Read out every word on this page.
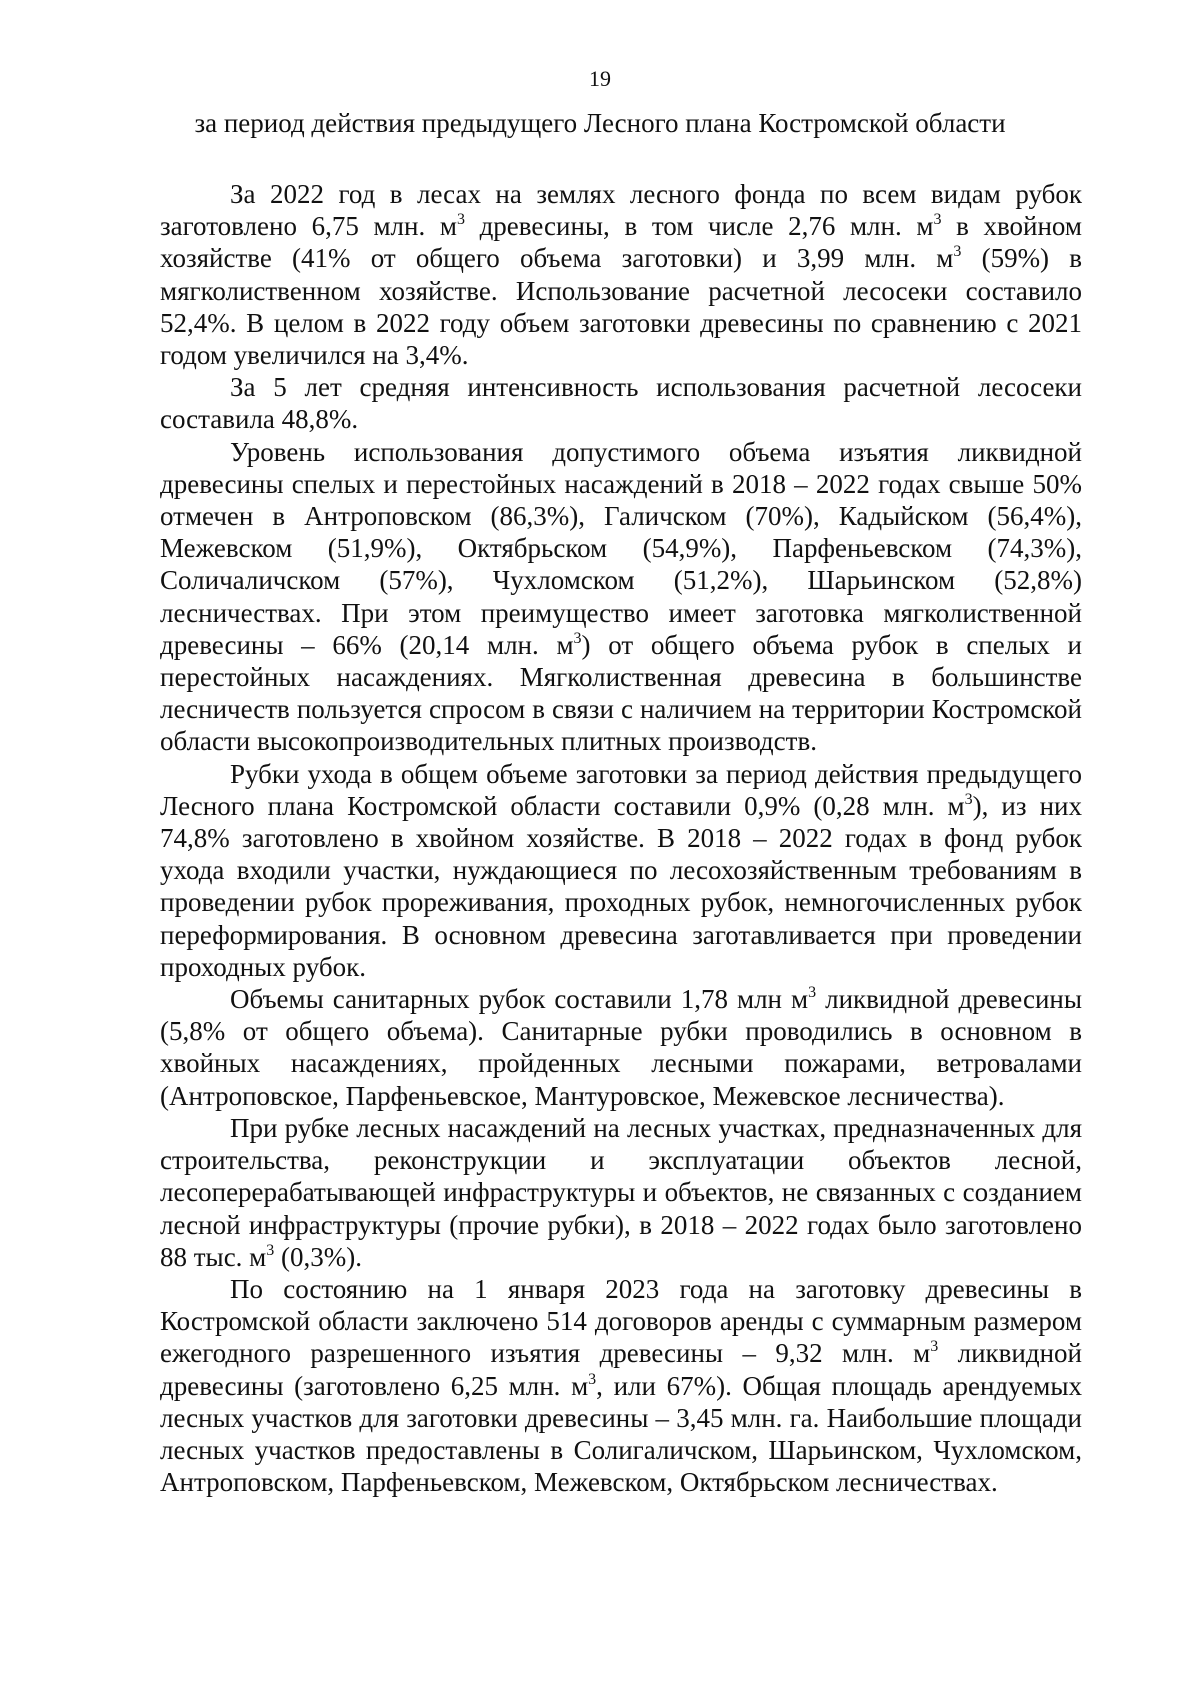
19
за период действия предыдущего Лесного плана Костромской области

За 2022 год в лесах на землях лесного фонда по всем видам рубок заготовлено 6,75 млн. $м^3$ древесины, в том числе 2,76 млн. $м^3$ в хвойном хозяйстве (41% от общего объема заготовки) и 3,99 млн. $м^3$ (59%) в мягколиственном хозяйстве. Использование расчетной лесосеки составило 52,4%. В целом в 2022 году объем заготовки древесины по сравнению с 2021 годом увеличился на 3,4%.

За 5 лет средняя интенсивность использования расчетной лесосеки составила 48,8%.

Уровень использования допустимого объема изъятия ликвидной древесины спелых и перестойных насаждений в 2018 – 2022 годах свыше 50% отмечен в Антроповском (86,3%), Галичском (70%), Кадыйском (56,4%), Межевском (51,9%), Октябрьском (54,9%), Парфеньевском (74,3%), Соличаличском (57%), Чухломском (51,2%), Шарьинском (52,8%) лесничествах. При этом преимущество имеет заготовка мягколиственной древесины – 66% (20,14 млн. $м^3$) от общего объема рубок в спелых и перестойных насаждениях. Мягколиственная древесина в большинстве лесничеств пользуется спросом в связи с наличием на территории Костромской области высокопроизводительных плитных производств.

Рубки ухода в общем объеме заготовки за период действия предыдущего Лесного плана Костромской области составили 0,9% (0,28 млн. $м^3$), из них 74,8% заготовлено в хвойном хозяйстве. В 2018 – 2022 годах в фонд рубок ухода входили участки, нуждающиеся по лесохозяйственным требованиям в проведении рубок прореживания, проходных рубок, немногочисленных рубок переформирования. В основном древесина заготавливается при проведении проходных рубок.

Объемы санитарных рубок составили 1,78 млн $м^3$ ликвидной древесины (5,8% от общего объема). Санитарные рубки проводились в основном в хвойных насаждениях, пройденных лесными пожарами, ветровалами (Антроповское, Парфеньевское, Мантуровское, Межевское лесничества).

При рубке лесных насаждений на лесных участках, предназначенных для строительства, реконструкции и эксплуатации объектов лесной, лесоперерабатывающей инфраструктуры и объектов, не связанных с созданием лесной инфраструктуры (прочие рубки), в 2018 – 2022 годах было заготовлено 88 тыс. $м^3$ (0,3%).

По состоянию на 1 января 2023 года на заготовку древесины в Костромской области заключено 514 договоров аренды с суммарным размером ежегодного разрешенного изъятия древесины – 9,32 млн. $м^3$ ликвидной древесины (заготовлено 6,25 млн. $м^3$, или 67%). Общая площадь арендуемых лесных участков для заготовки древесины – 3,45 млн. га. Наибольшие площади лесных участков предоставлены в Солигаличском, Шарьинском, Чухломском, Антроповском, Парфеньевском, Межевском, Октябрьском лесничествах.
